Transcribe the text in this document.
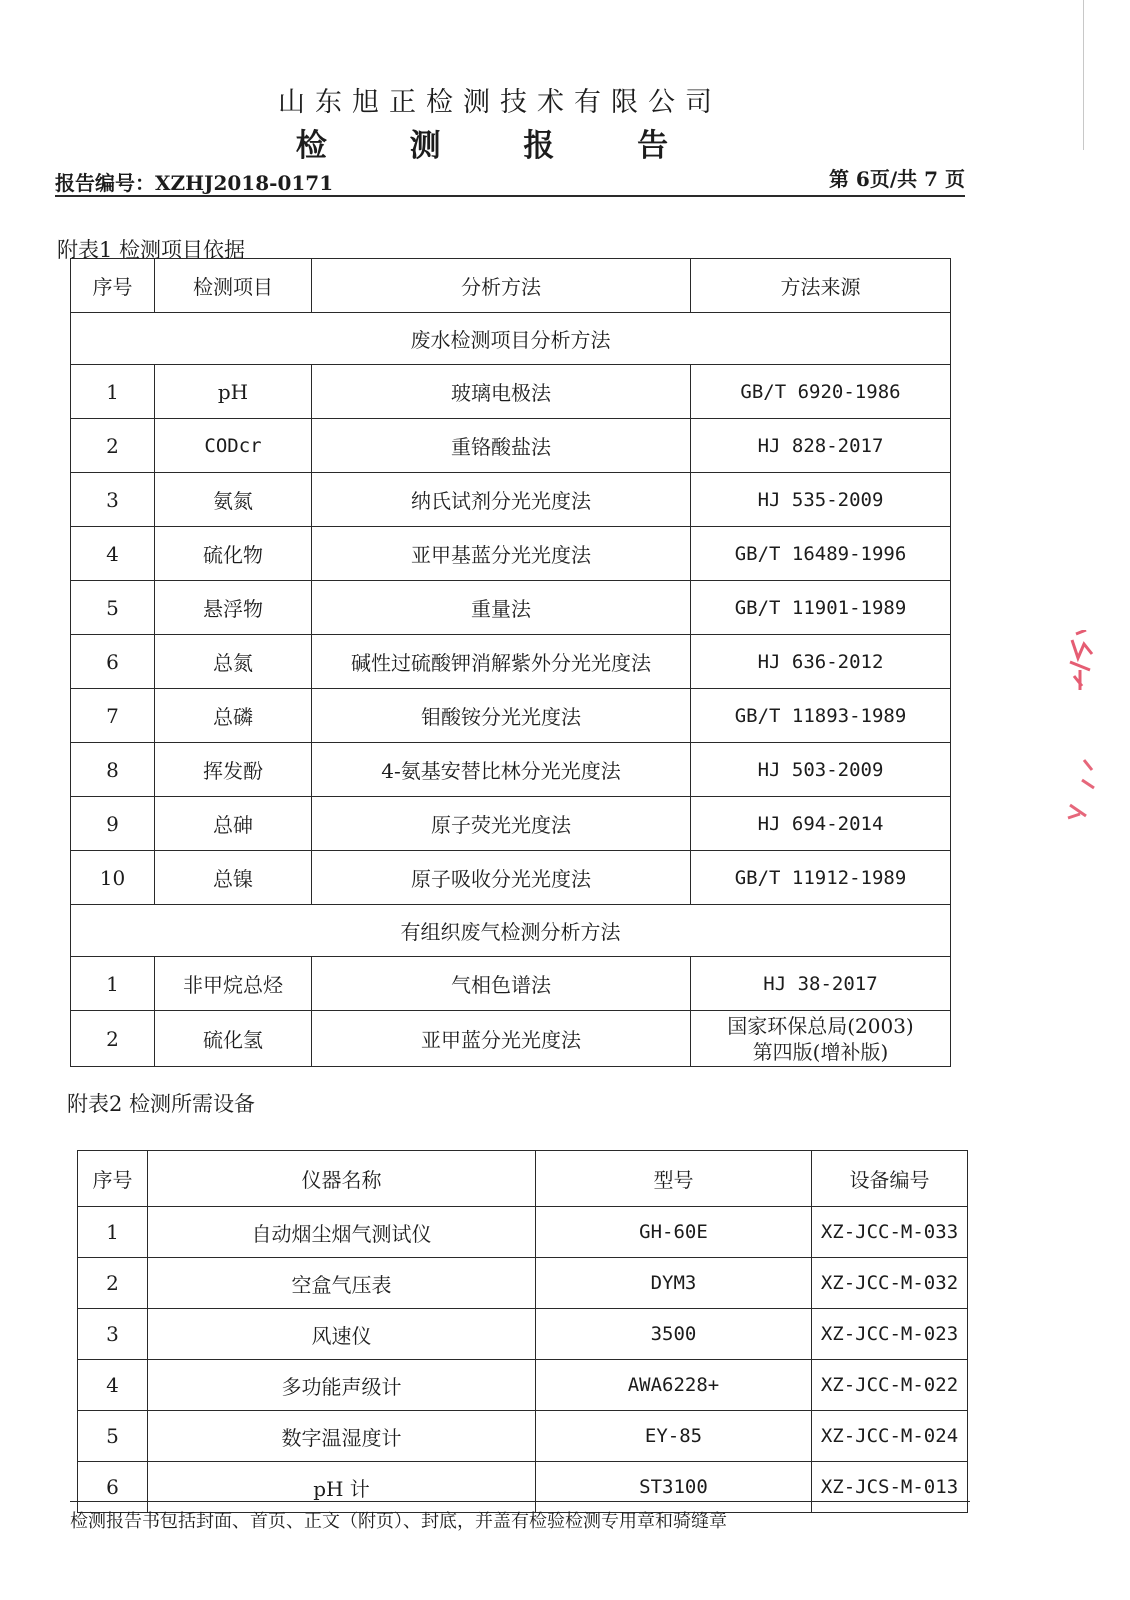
山东旭正检测技术有限公司
检 测 报 告
报告编号：XZHJ2018-0171	第 6页/共 7 页
附表1 检测项目依据
序号	检测项目	分析方法	方法来源
废水检测项目分析方法			
1	pH	玻璃电极法	GB/T 6920-1986
2	CODcr	重铬酸盐法	HJ 828-2017
3	氨氮	纳氏试剂分光光度法	HJ 535-2009
4	硫化物	亚甲基蓝分光光度法	GB/T 16489-1996
5	悬浮物	重量法	GB/T 11901-1989
6	总氮	碱性过硫酸钾消解紫外分光光度法	HJ 636-2012
7	总磷	钼酸铵分光光度法	GB/T 11893-1989
8	挥发酚	4-氨基安替比林分光光度法	HJ 503-2009
9	总砷	原子荧光光度法	HJ 694-2014
10	总镍	原子吸收分光光度法	GB/T 11912-1989
有组织废气检测分析方法			
1	非甲烷总烃	气相色谱法	HJ 38-2017
2	硫化氢	亚甲蓝分光光度法	国家环保总局(2003)
第四版(增补版)
附表2 检测所需设备
序号	仪器名称	型号	设备编号
1	自动烟尘烟气测试仪	GH-60E	XZ-JCC-M-033
2	空盒气压表	DYM3	XZ-JCC-M-032
3	风速仪	3500	XZ-JCC-M-023
4	多功能声级计	AWA6228+	XZ-JCC-M-022
5	数字温湿度计	EY-85	XZ-JCC-M-024
6	pH 计	ST3100	XZ-JCS-M-013
检测报告书包括封面、首页、正文（附页）、封底，并盖有检验检测专用章和骑缝章
